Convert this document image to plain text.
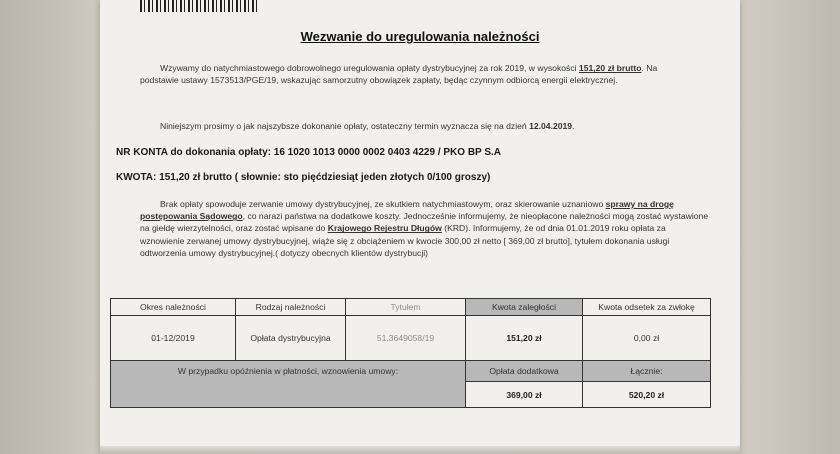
Wezwanie do uregulowania należności
Wzywamy do natychmiastowego dobrowolnego uregulowania opłaty dystrybucyjnej za rok 2019, w wysokości 151,20 zł brutto. Na podstawie ustawy 1573513/PGE/19, wskazując samorzutny obowiązek zapłaty, będąc czynnym odbiorcą energii elektrycznej.
Niniejszym prosimy o jak najszybsze dokonanie opłaty, ostateczny termin wyznacza się na dzień 12.04.2019.
NR KONTA do dokonania opłaty: 16 1020 1013 0000 0002 0403 4229 / PKO BP S.A
KWOTA: 151,20 zł brutto ( słownie: sto pięćdziesiąt jeden złotych 0/100 groszy)
Brak opłaty spowoduje zerwanie umowy dystrybucyjnej, ze skutkiem natychmiastowym, oraz skierowanie uznaniowo sprawy na drogę postępowania Sądowego, co narazi państwa na dodatkowe koszty. Jednocześnie informujemy, że nieopłacone należności mogą zostać wystawione na giełdę wierzytelności, oraz zostać wpisane do Krajowego Rejestru Długów (KRD). Informujemy, że od dnia 01.01.2019 roku opłata za wznowienie zerwanej umowy dystrybucyjnej, wiąże się z obciążeniem w kwocie 300,00 zł netto [ 369,00 zł brutto], tytułem dokonania usługi odtworzenia umowy dystrybucyjnej.( dotyczy obecnych klientów dystrybucji)
Okres należności	Rodzaj należności	Tytułem	Kwota zaległości	Kwota odsetek za zwłokę
01-12/2019	Opłata dystrybucyjna	51.3649058/19	151,20 zł	0,00 zł
W przypadku opóźnienia w płatności, wznowienia umowy:			Opłata dodatkowa	Łącznie:
			369,00 zł	520,20 zł
